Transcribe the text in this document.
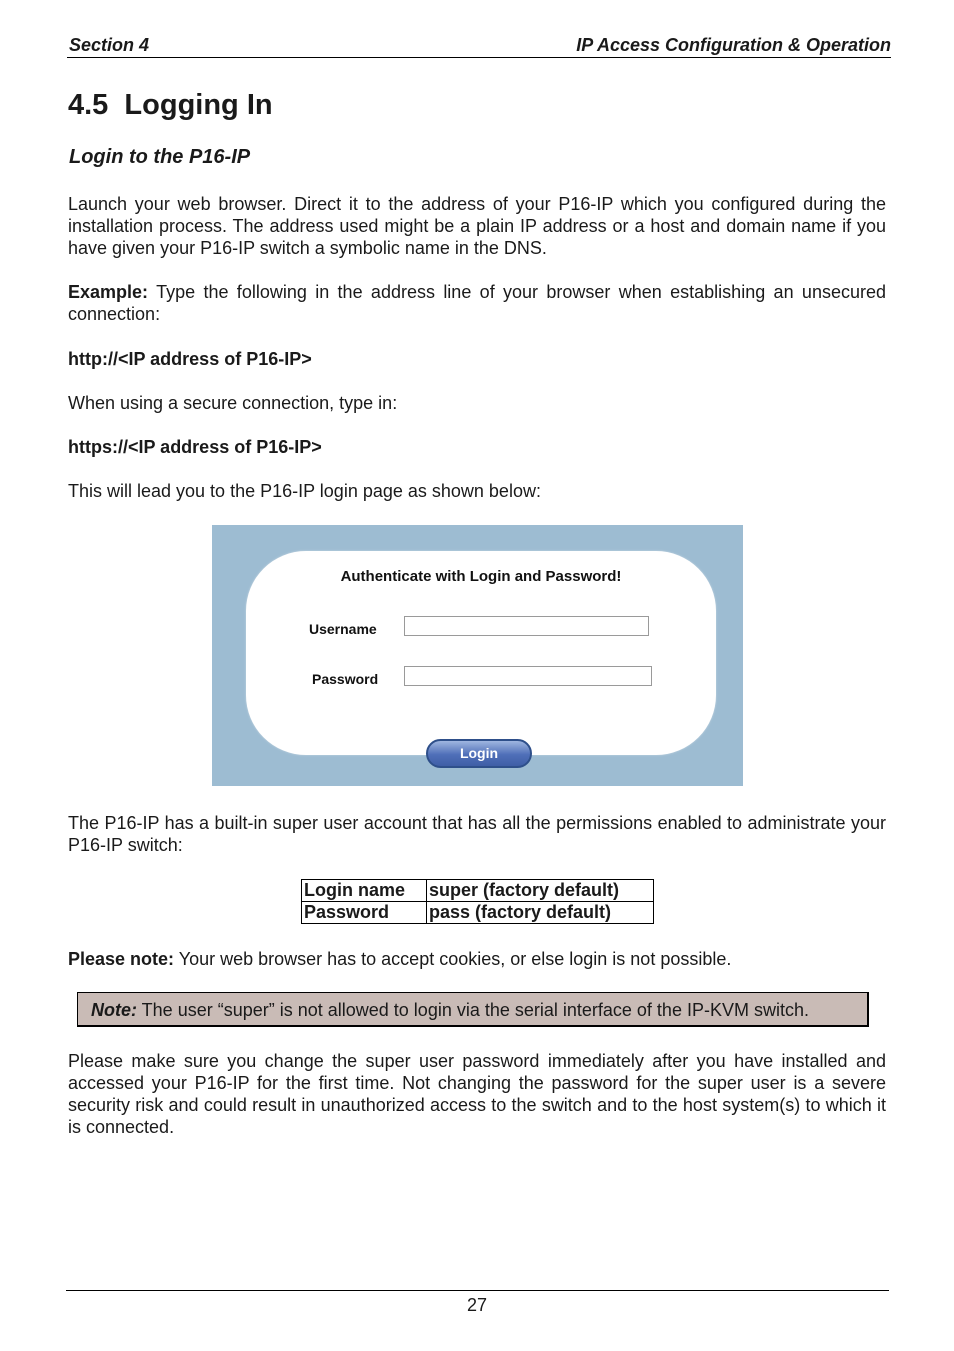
Section 4	IP Access Configuration & Operation
4.5  Logging In
Login to the P16-IP

Launch your web browser. Direct it to the address of your P16-IP which you configured during the installation process. The address used might be a plain IP address or a host and domain name if you have given your P16-IP switch a symbolic name in the DNS.

Example: Type the following in the address line of your browser when establishing an unsecured connection:

http://<IP address of P16-IP>

When using a secure connection, type in:

https://<IP address of P16-IP>

This will lead you to the P16-IP login page as shown below:

Authenticate with Login and Password!
Username
Password
Login

The P16-IP has a built-in super user account that has all the permissions enabled to administrate your P16-IP switch:

Login name	super (factory default)
Password	pass (factory default)

Please note: Your web browser has to accept cookies, or else login is not possible.

Note: The user “super” is not allowed to login via the serial interface of the IP-KVM switch.

Please make sure you change the super user password immediately after you have installed and accessed your P16-IP for the first time. Not changing the password for the super user is a severe security risk and could result in unauthorized access to the switch and to the host system(s) to which it is connected.

27
